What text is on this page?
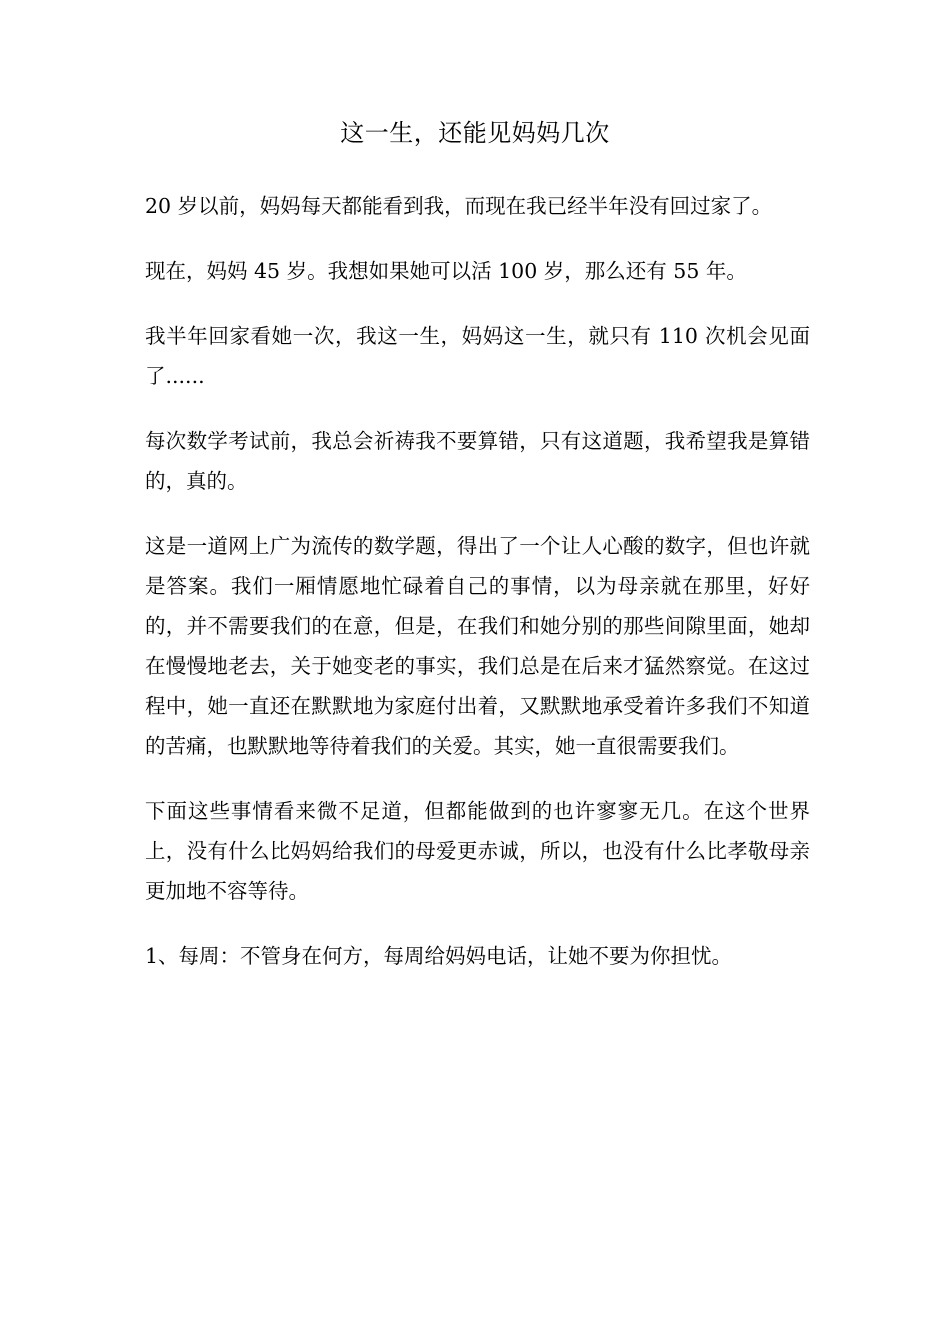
这一生，还能见妈妈几次

20 岁以前，妈妈每天都能看到我，而现在我已经半年没有回过家了。

现在，妈妈 45 岁。我想如果她可以活 100 岁，那么还有 55 年。

我半年回家看她一次，我这一生，妈妈这一生，就只有 110 次机会见面了......

每次数学考试前，我总会祈祷我不要算错，只有这道题，我希望我是算错的，真的。

这是一道网上广为流传的数学题，得出了一个让人心酸的数字，但也许就是答案。我们一厢情愿地忙碌着自己的事情，以为母亲就在那里，好好的，并不需要我们的在意，但是，在我们和她分别的那些间隙里面，她却在慢慢地老去，关于她变老的事实，我们总是在后来才猛然察觉。在这过程中，她一直还在默默地为家庭付出着，又默默地承受着许多我们不知道的苦痛，也默默地等待着我们的关爱。其实，她一直很需要我们。

下面这些事情看来微不足道，但都能做到的也许寥寥无几。在这个世界上，没有什么比妈妈给我们的母爱更赤诚，所以，也没有什么比孝敬母亲更加地不容等待。

1、每周：不管身在何方，每周给妈妈电话，让她不要为你担忧。
